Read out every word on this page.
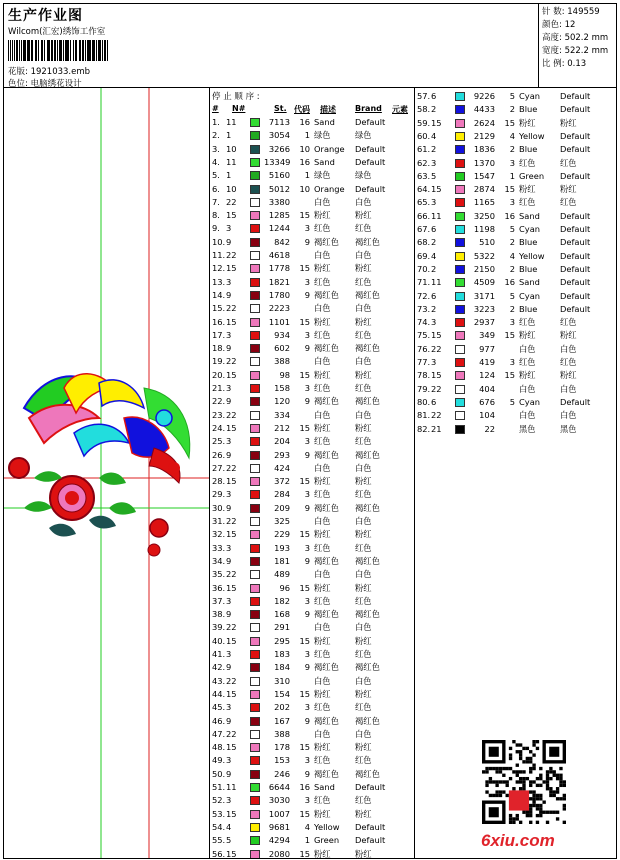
生产作业图
Wilcom(汇宏)绣饰工作室
花版: 1921033.emb
色位: 电脑绣花设计
针 数: 149559
颜色: 12
高度: 502.2 mm
宽度: 522.2 mm
比 例: 0.13
停 止 顺 序 :
# N#	St. 代码 描述 Brand 元素
1. 11	7113	16 Sand Default
2. 1	3054	1 绿色	绿色
3. 10	3266	10 Orange Default
4. 11	13349	16 Sand Default
5. 1	5160	1 绿色	绿色
6. 10	5012	10 Orange Default
7. 22	3380	白色	白色
8. 15	1285	15 粉红	粉红
9. 3	1244	3 红色	红色
10. 9	842	9 褐红色 褐红色
11. 22	4618	白色	白色
12. 15	1778	15 粉红	粉红
13. 3	1821	3 红色	红色
14. 9	1780	9 褐红色 褐红色
15. 22	2223	白色	白色
16. 15	1101	15 粉红	粉红
17. 3	934	3 红色	红色
18. 9	602	9 褐红色 褐红色
19. 22	388	白色	白色
20. 15	98	15 粉红	粉红
21. 3	158	3 红色	红色
22. 9	120	9 褐红色 褐红色
23. 22	334	白色	白色
24. 15	212	15 粉红	粉红
25. 3	204	3 红色	红色
26. 9	293	9 褐红色 褐红色
27. 22	424	白色	白色
28. 15	372	15 粉红	粉红
29. 3	284	3 红色	红色
30. 9	209	9 褐红色 褐红色
31. 22	325	白色	白色
32. 15	229	15 粉红	粉红
33. 3	193	3 红色	红色
34. 9	181	9 褐红色 褐红色
35. 22	489	白色	白色
36. 15	96	15 粉红	粉红
37. 3	182	3 红色	红色
38. 9	168	9 褐红色 褐红色
39. 22	291	白色	白色
40. 15	295	15 粉红	粉红
41. 3	183	3 红色	红色
42. 9	184	9 褐红色 褐红色
43. 22	310	白色	白色
44. 15	154	15 粉红	粉红
45. 3	202	3 红色	红色
46. 9	167	9 褐红色 褐红色
47. 22	388	白色	白色
48. 15	178	15 粉红	粉红
49. 3	153	3 红色	红色
50. 9	246	9 褐红色 褐红色
51. 11	6644	16 Sand Default
52. 3	3030	3 红色	红色
53. 15	1007	15 粉红	粉红
54. 4	9681	4 Yellow Default
55. 5	4294	1 Green Default
56. 15	2080	15 粉红	粉红
57. 6	9226	5 Cyan Default
58. 2	4433	2 Blue	Default
59. 15	2624	15 粉红	粉红
60. 4	2129	4 Yellow Default
61. 2	1836	2 Blue	Default
62. 3	1370	3 红色	红色
63. 5	1547	1 Green Default
64. 15	2874	15 粉红	粉红
65. 3	1165	3 红色	红色
66. 11	3250	16 Sand Default
67. 6	1198	5 Cyan Default
68. 2	510	2 Blue	Default
69. 4	5322	4 Yellow Default
70. 2	2150	2 Blue	Default
71. 11	4509	16 Sand Default
72. 6	3171	5 Cyan Default
73. 2	3223	2 Blue	Default
74. 3	2937	3 红色	红色
75. 15	349	15 粉红	粉红
76. 22	977	白色	白色
77. 3	419	3 红色	红色
78. 15	124	15 粉红	粉红
79. 22	404	白色	白色
80. 6	676	5 Cyan Default
81. 22	104	白色	白色
82. 21	22	黑色	黑色
6xiu.com
